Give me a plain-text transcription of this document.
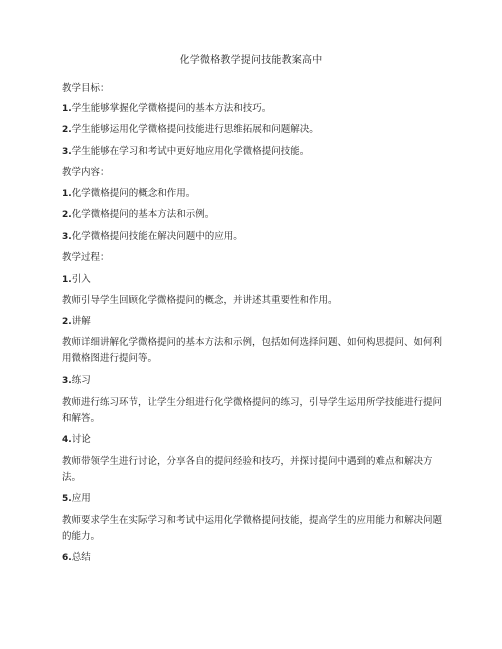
化学微格教学提问技能教案高中
教学目标：
1.学生能够掌握化学微格提问的基本方法和技巧。
2.学生能够运用化学微格提问技能进行思维拓展和问题解决。
3.学生能够在学习和考试中更好地应用化学微格提问技能。
教学内容：
1.化学微格提问的概念和作用。
2.化学微格提问的基本方法和示例。
3.化学微格提问技能在解决问题中的应用。
教学过程：
1.引入
教师引导学生回顾化学微格提问的概念，并讲述其重要性和作用。
2.讲解
教师详细讲解化学微格提问的基本方法和示例，包括如何选择问题、如何构思提问、如何利用微格图进行提问等。
3.练习
教师进行练习环节，让学生分组进行化学微格提问的练习，引导学生运用所学技能进行提问和解答。
4.讨论
教师带领学生进行讨论，分享各自的提问经验和技巧，并探讨提问中遇到的难点和解决方法。
5.应用
教师要求学生在实际学习和考试中运用化学微格提问技能，提高学生的应用能力和解决问题的能力。
6.总结
